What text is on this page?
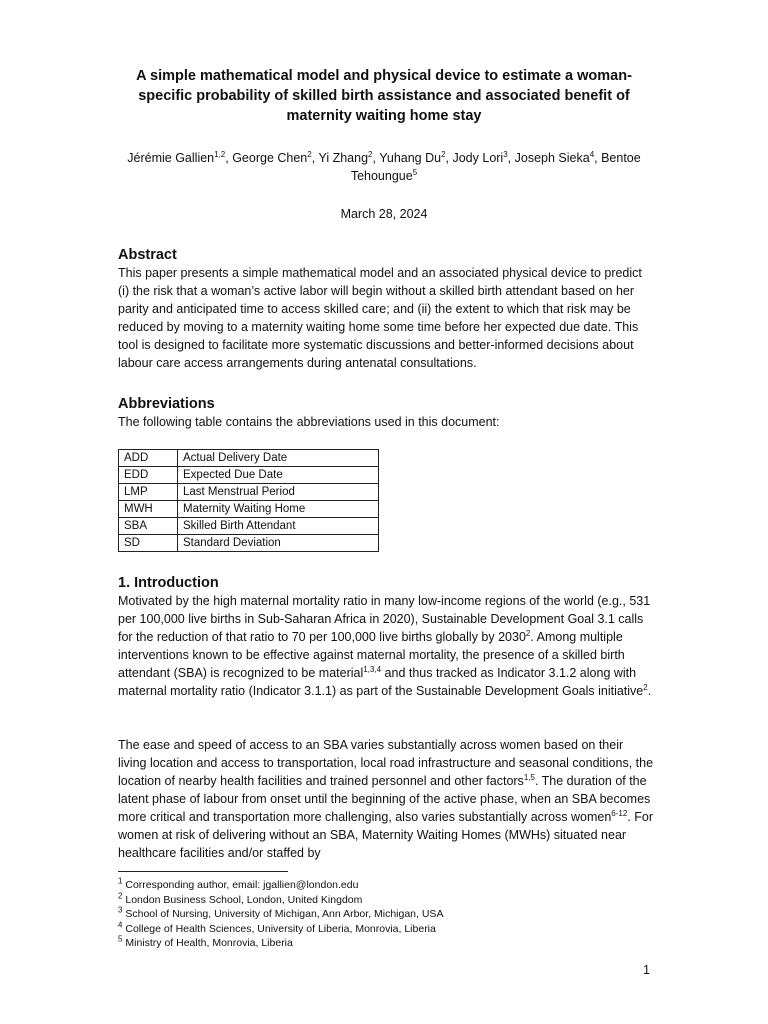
A simple mathematical model and physical device to estimate a woman-specific probability of skilled birth assistance and associated benefit of maternity waiting home stay
Jérémie Gallien$^{1,2}$, George Chen$^2$, Yi Zhang$^2$, Yuhang Du$^2$, Jody Lori$^3$, Joseph Sieka$^4$, Bentoe Tehoungue$^5$
March 28, 2024
Abstract
This paper presents a simple mathematical model and an associated physical device to predict (i) the risk that a woman’s active labor will begin without a skilled birth attendant based on her parity and anticipated time to access skilled care; and (ii) the extent to which that risk may be reduced by moving to a maternity waiting home some time before her expected due date. This tool is designed to facilitate more systematic discussions and better-informed decisions about labour care access arrangements during antenatal consultations.
Abbreviations
The following table contains the abbreviations used in this document:
ADD	Actual Delivery Date
EDD	Expected Due Date
LMP	Last Menstrual Period
MWH	Maternity Waiting Home
SBA	Skilled Birth Attendant
SD	Standard Deviation
1. Introduction
Motivated by the high maternal mortality ratio in many low-income regions of the world (e.g., 531 per 100,000 live births in Sub-Saharan Africa in 2020), Sustainable Development Goal 3.1 calls for the reduction of that ratio to 70 per 100,000 live births globally by 2030$^2$. Among multiple interventions known to be effective against maternal mortality, the presence of a skilled birth attendant (SBA) is recognized to be material$^{1,3,4}$ and thus tracked as Indicator 3.1.2 along with maternal mortality ratio (Indicator 3.1.1) as part of the Sustainable Development Goals initiative$^2$.
The ease and speed of access to an SBA varies substantially across women based on their living location and access to transportation, local road infrastructure and seasonal conditions, the location of nearby health facilities and trained personnel and other factors$^{1,5}$. The duration of the latent phase of labour from onset until the beginning of the active phase, when an SBA becomes more critical and transportation more challenging, also varies substantially across women$^{6-12}$. For women at risk of delivering without an SBA, Maternity Waiting Homes (MWHs) situated near healthcare facilities and/or staffed by
$^1$ Corresponding author, email: jgallien@london.edu
$^2$ London Business School, London, United Kingdom
$^3$ School of Nursing, University of Michigan, Ann Arbor, Michigan, USA
$^4$ College of Health Sciences, University of Liberia, Monrovia, Liberia
$^5$ Ministry of Health, Monrovia, Liberia
1
